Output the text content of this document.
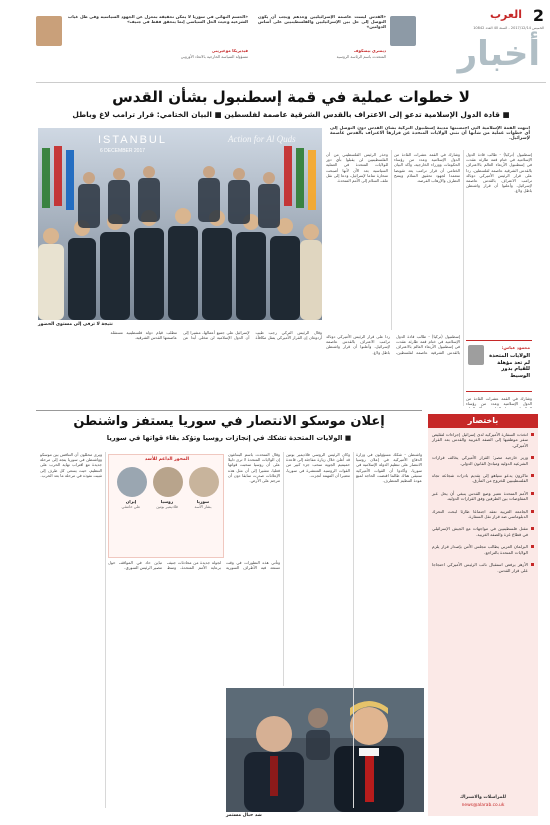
2
العرب
الخميس 2017/12/14 - السنة 40 العدد 10842
أخبار
«القدس ليست عاصمة الإسرائيليين وحدهم ويجب أن يكون التوصل إلى حل بين الإسرائيليين والفلسطينيين على أساس الدولتين»
ديمتري بيسكوف
المتحدث باسم الرئاسة الروسية
«الحسم النهائي في سوريا لا يمكن تحقيقه بمعزل عن الجهود السياسية وفي ظل غياب الشرعية وحيث الحل السياسي إنما يتحقق فقط في جنيف»
فيديريكا موغيريني
مسؤولة السياسة الخارجية بالاتحاد الأوروبي
لا خطوات عملية في قمة إسطنبول بشأن القدس
■ قادة الدول الإسلامية تدعو إلى الاعتراف بالقدس الشرقية عاصمة لفلسطين ■ البيان الختامي: قرار ترامب لاغ وباطل
انتهت القمة الإسلامية التي احتضنتها مدينة إسطنبول التركية بشأن القدس دون التوصل إلى أي خطوات عملية من شأنها أن تثني الولايات المتحدة عن قرارها الاعتراف بالقدس عاصمة لإسرائيل.
ISTANBUL
6 DECEMBER 2017
Action for Al Quds
نتيجة لا ترقى إلى مستوى الحضور
إسطنبول (تركيا) - طالب قادة الدول الإسلامية في ختام قمة طارئة عقدت في إسطنبول الأربعاء العالم بالاعتراف بالقدس الشرقية عاصمة لفلسطين، ردا على قرار الرئيس الأميركي دونالد ترامب الاعتراف بالقدس عاصمة لإسرائيل، وأعلنوا أن قرار واشنطن باطل ولاغ.
وشارك في القمة عشرات القادة من الدول الإسلامية وعدد من رؤساء الحكومات ووزراء الخارجية، وأكد البيان الختامي أن قرار ترامب يعد تقويضا متعمدا لجهود تحقيق السلام ويمنح التطرف والإرهاب الفرصة.
وحذر الرئيس الفلسطيني من أن الفلسطينيين لن يقبلوا بأي دور للولايات المتحدة في العملية السياسية بعد الآن لأنها أصبحت منحازة تماما لإسرائيل، ودعا إلى نقل ملف السلام إلى الأمم المتحدة.
وقال الرئيس التركي رجب طيب أردوغان إن القرار الأميركي يمثل مكافأة لإسرائيل على جميع أعمالها، مشيرا إلى أن الدول الإسلامية لن تتخلى أبدا عن مطلب قيام دولة فلسطينية مستقلة عاصمتها القدس الشرقية.
محمود عباس:
الولايات المتحدة لم تعد مؤهلة للقيام بدور الوسيط
إسطنبول (تركيا) - طالب قادة الدول الإسلامية في ختام قمة طارئة عقدت في إسطنبول الأربعاء العالم بالاعتراف بالقدس الشرقية عاصمة لفلسطين، ردا على قرار الرئيس الأميركي دونالد ترامب الاعتراف بالقدس عاصمة لإسرائيل، وأعلنوا أن قرار واشنطن باطل ولاغ.
وشارك في القمة عشرات القادة من الدول الإسلامية وعدد من رؤساء
باختصار
اتخذت السفارة الأميركية لدى إسرائيل إجراءات لتقليص سفر موظفيها إلى الضفة الغربية والقدس بعد القرار الأميركي.
وزير خارجية مصر: القرار الأميركي يخالف قرارات الشرعية الدولية ومبادئ القانون الدولي.
ماكرون يدعو نتنياهو إلى تقديم بادرات شجاعة تجاه الفلسطينيين للخروج من المأزق.
الأمم المتحدة تعتبر وضع القدس ينبغي أن يحل عبر المفاوضات بين الطرفين وفق القرارات الدولية.
الجامعة العربية تعقد اجتماعا طارئا لبحث التحرك الدبلوماسي ضد قرار نقل السفارة.
مقتل فلسطينيين في مواجهات مع الجيش الإسرائيلي في قطاع غزة والضفة الغربية.
البرلمان العربي يطالب مجلس الأمن بإصدار قرار يلزم الولايات المتحدة بالتراجع.
الأزهر يرفض استقبال نائب الرئيس الأميركي احتجاجا على قرار القدس.
للمراسلات والاشتراك
news@alarab.co.uk
إعلان موسكو الانتصار في سوريا يستفز واشنطن
■ الولايات المتحدة تشكك في إنجازات روسيا وتؤكد بقاء قواتها في سوريا
واشنطن - شكك مسؤولون في وزارة الدفاع الأميركية في إعلان روسيا الانتصار على تنظيم الدولة الإسلامية في سوريا، وأكدوا أن القوات الأميركية ستبقى هناك طالما اقتضت الحاجة لمنع عودة التنظيم المتطرف.
وكان الرئيس الروسي فلاديمير بوتين قد أعلن خلال زيارة مفاجئة إلى قاعدة حميميم الجوية سحب جزء كبير من القوات الروسية المنتشرة في سوريا، معتبرا أن المهمة أنجزت.
وقال المتحدث باسم البنتاغون إن الولايات المتحدة لا ترى دليلا على أن روسيا سحبت قواتها فعليا، مشيرا إلى أن مثل هذه الإعلانات صدرت سابقا دون أن تترجم على الأرض.
ويرى محللون أن التنافس بين موسكو وواشنطن في سوريا يتجه إلى مرحلة جديدة مع اقتراب نهاية الحرب على التنظيم، حيث يسعى كل طرف إلى تثبيت نفوذه في مرحلة ما بعد الحرب.
وتأتي هذه التطورات في وقت تستعد فيه الأطراف السورية لجولة جديدة من محادثات جنيف برعاية الأمم المتحدة، وسط تباين حاد في المواقف حول مصير الرئيس السوري.
المحور الداعم للأسد
إيران
علي خامنئي
روسيا
فلاديمير بوتين
سوريا
بشار الأسد
شد حبال مستمر
